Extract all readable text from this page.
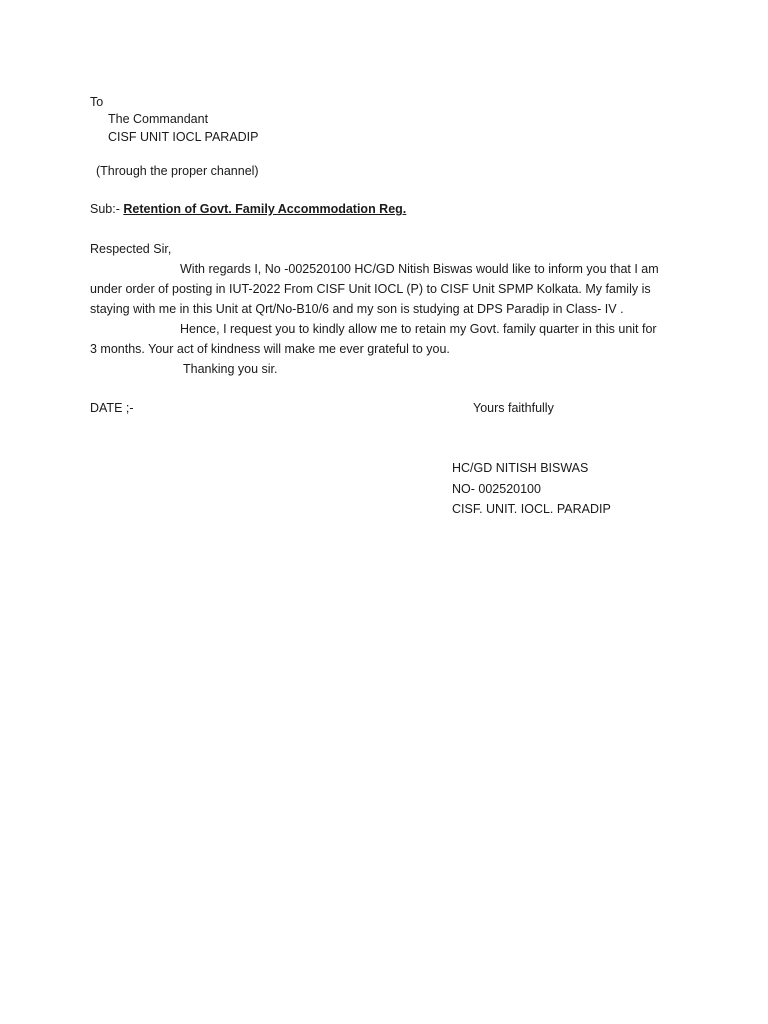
To
The Commandant
CISF UNIT IOCL PARADIP
(Through the proper channel)
Sub:- Retention of Govt. Family Accommodation Reg.
Respected Sir,
With regards I, No -002520100 HC/GD Nitish Biswas would like to inform you that I am
under order of posting in IUT-2022 From CISF Unit IOCL (P) to CISF Unit SPMP Kolkata. My family is
staying with me in this Unit at Qrt/No-B10/6 and my son is studying at DPS Paradip in Class- IV .
Hence, I request you to kindly allow me to retain my Govt. family quarter in this unit for
3 months. Your act of kindness will make me ever grateful to you.
Thanking you sir.
DATE ;-	Yours faithfully
HC/GD NITISH BISWAS
NO- 002520100
CISF. UNIT. IOCL. PARADIP
